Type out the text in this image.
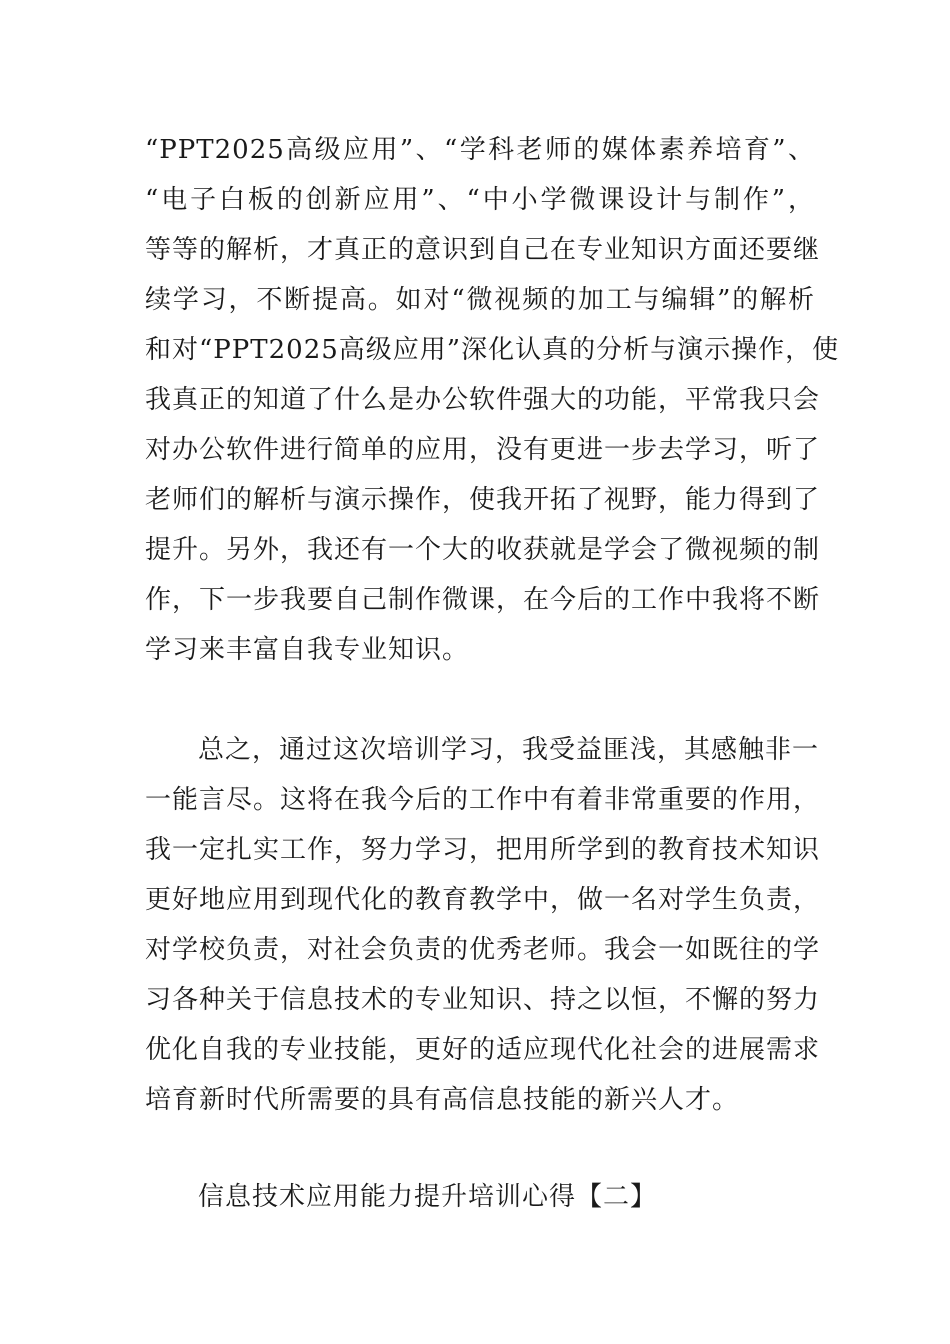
“PPT2025高级应用”、“学科老师的媒体素养培育”、
“电子白板的创新应用”、“中小学微课设计与制作”，
等等的解析，才真正的意识到自己在专业知识方面还要继
续学习，不断提高。如对“微视频的加工与编辑”的解析
和对“PPT2025高级应用”深化认真的分析与演示操作，使
我真正的知道了什么是办公软件强大的功能，平常我只会
对办公软件进行简单的应用，没有更进一步去学习，听了
老师们的解析与演示操作，使我开拓了视野，能力得到了
提升。另外，我还有一个大的收获就是学会了微视频的制
作，下一步我要自己制作微课，在今后的工作中我将不断
学习来丰富自我专业知识。
总之，通过这次培训学习，我受益匪浅，其感触非一
一能言尽。这将在我今后的工作中有着非常重要的作用，
我一定扎实工作，努力学习，把用所学到的教育技术知识
更好地应用到现代化的教育教学中，做一名对学生负责，
对学校负责，对社会负责的优秀老师。我会一如既往的学
习各种关于信息技术的专业知识、持之以恒，不懈的努力
优化自我的专业技能，更好的适应现代化社会的进展需求
培育新时代所需要的具有高信息技能的新兴人才。
信息技术应用能力提升培训心得【二】
